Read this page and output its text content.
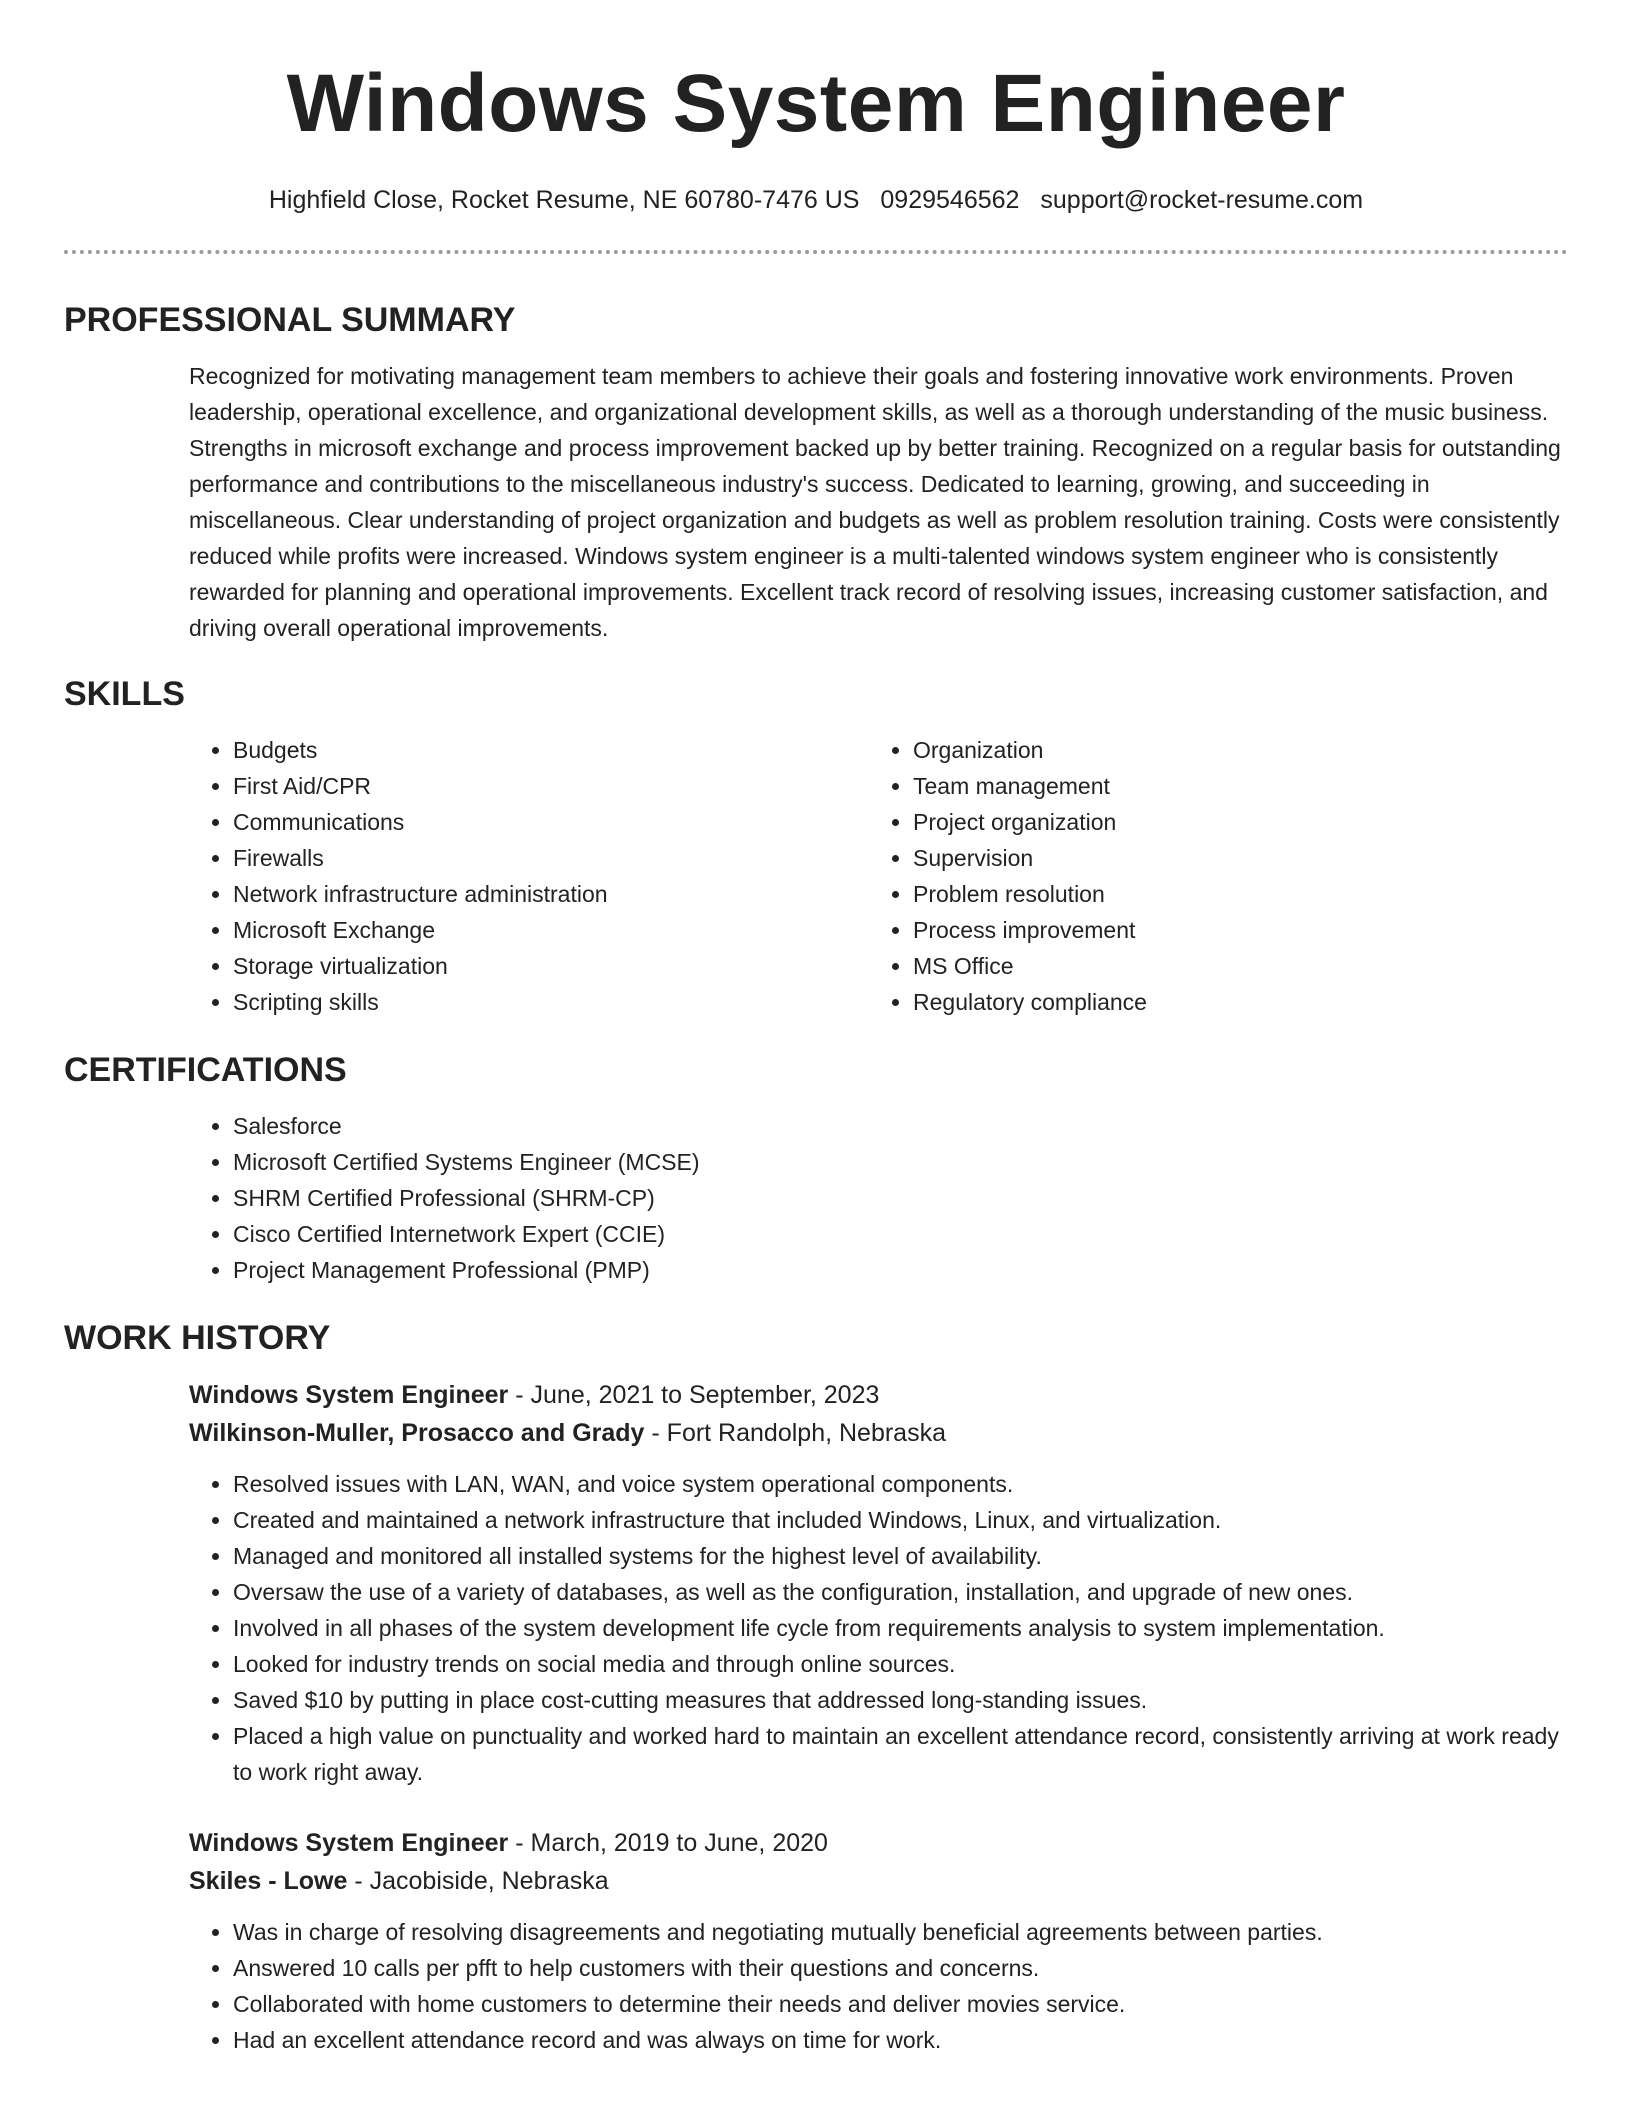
Windows System Engineer
Highfield Close, Rocket Resume, NE 60780-7476 US 0929546562 support@rocket-resume.com
PROFESSIONAL SUMMARY

Recognized for motivating management team members to achieve their goals and fostering innovative work environments. Proven leadership, operational excellence, and organizational development skills, as well as a thorough understanding of the music business. Strengths in microsoft exchange and process improvement backed up by better training. Recognized on a regular basis for outstanding performance and contributions to the miscellaneous industry's success. Dedicated to learning, growing, and succeeding in miscellaneous. Clear understanding of project organization and budgets as well as problem resolution training. Costs were consistently reduced while profits were increased. Windows system engineer is a multi-talented windows system engineer who is consistently rewarded for planning and operational improvements. Excellent track record of resolving issues, increasing customer satisfaction, and driving overall operational improvements.

SKILLS
• Budgets
• First Aid/CPR
• Communications
• Firewalls
• Network infrastructure administration
• Microsoft Exchange
• Storage virtualization
• Scripting skills
• Organization
• Team management
• Project organization
• Supervision
• Problem resolution
• Process improvement
• MS Office
• Regulatory compliance
CERTIFICATIONS
• Salesforce
• Microsoft Certified Systems Engineer (MCSE)
• SHRM Certified Professional (SHRM-CP)
• Cisco Certified Internetwork Expert (CCIE)
• Project Management Professional (PMP)
WORK HISTORY
Windows System Engineer - June, 2021 to September, 2023
Wilkinson-Muller, Prosacco and Grady - Fort Randolph, Nebraska
• Resolved issues with LAN, WAN, and voice system operational components.
• Created and maintained a network infrastructure that included Windows, Linux, and virtualization.
• Managed and monitored all installed systems for the highest level of availability.
• Oversaw the use of a variety of databases, as well as the configuration, installation, and upgrade of new ones.
• Involved in all phases of the system development life cycle from requirements analysis to system implementation.
• Looked for industry trends on social media and through online sources.
• Saved $10 by putting in place cost-cutting measures that addressed long-standing issues.
• Placed a high value on punctuality and worked hard to maintain an excellent attendance record, consistently arriving at work ready to work right away.
Windows System Engineer - March, 2019 to June, 2020
Skiles - Lowe - Jacobiside, Nebraska
• Was in charge of resolving disagreements and negotiating mutually beneficial agreements between parties.
• Answered 10 calls per pfft to help customers with their questions and concerns.
• Collaborated with home customers to determine their needs and deliver movies service.
• Had an excellent attendance record and was always on time for work.
